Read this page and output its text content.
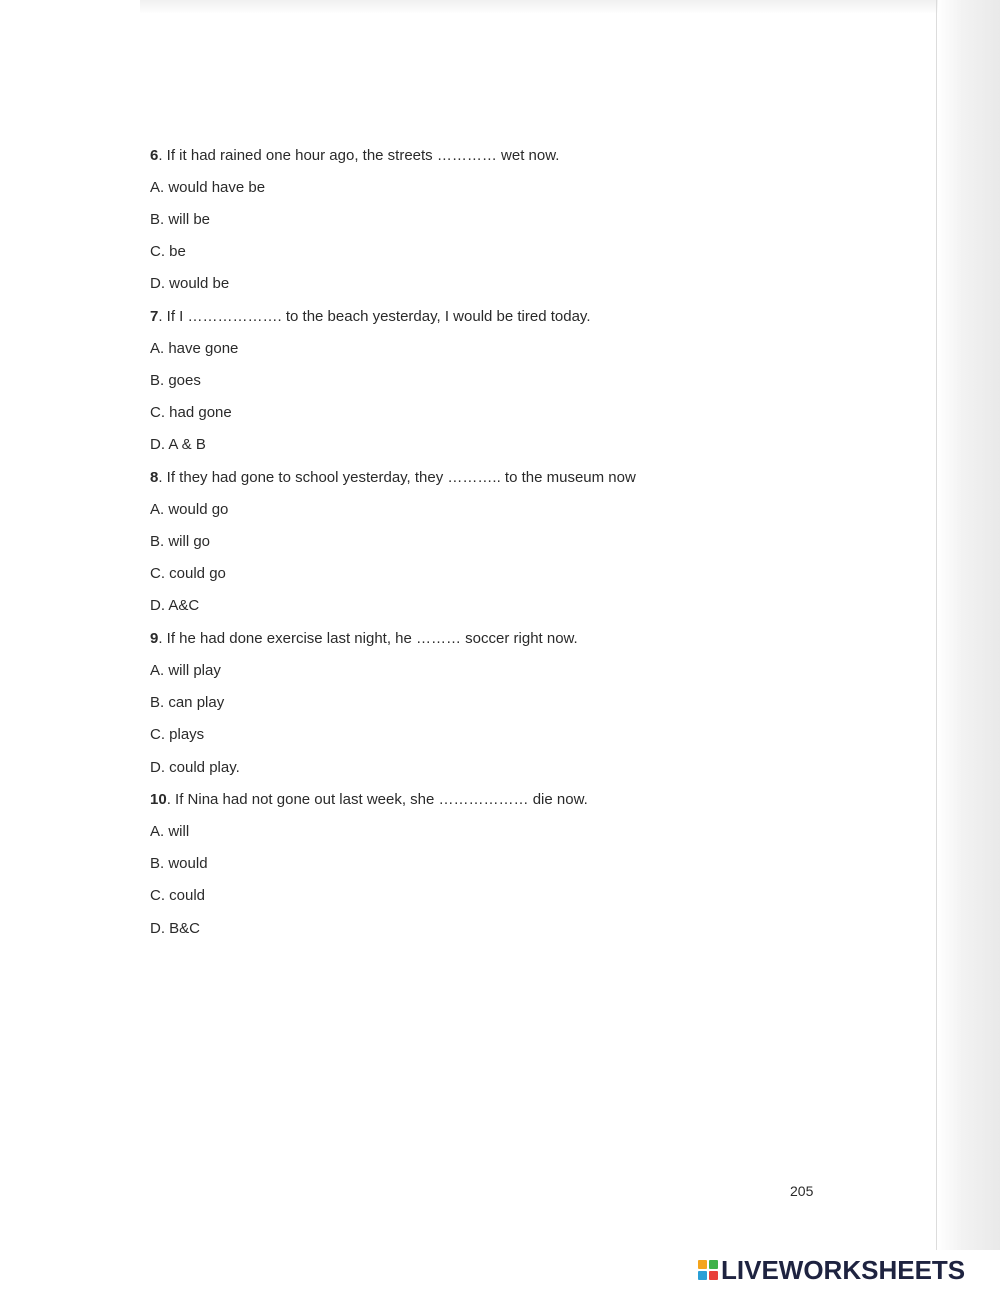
6. If it had rained one hour ago, the streets ………… wet now.
A. would have be
B. will be
C. be
D. would be
7. If I ………………. to the beach yesterday, I would be tired today.
A. have gone
B. goes
C. had gone
D. A & B
8. If they had gone to school yesterday, they ……….. to the museum now
A. would go
B. will go
C. could go
D. A&C
9. If he had done exercise last night, he ……… soccer right now.
A. will play
B. can play
C. plays
D. could play.
10. If Nina had not gone out last week, she ……………… die now.
A. will
B. would
C. could
D. B&C
205
LIVEWORKSHEETS
